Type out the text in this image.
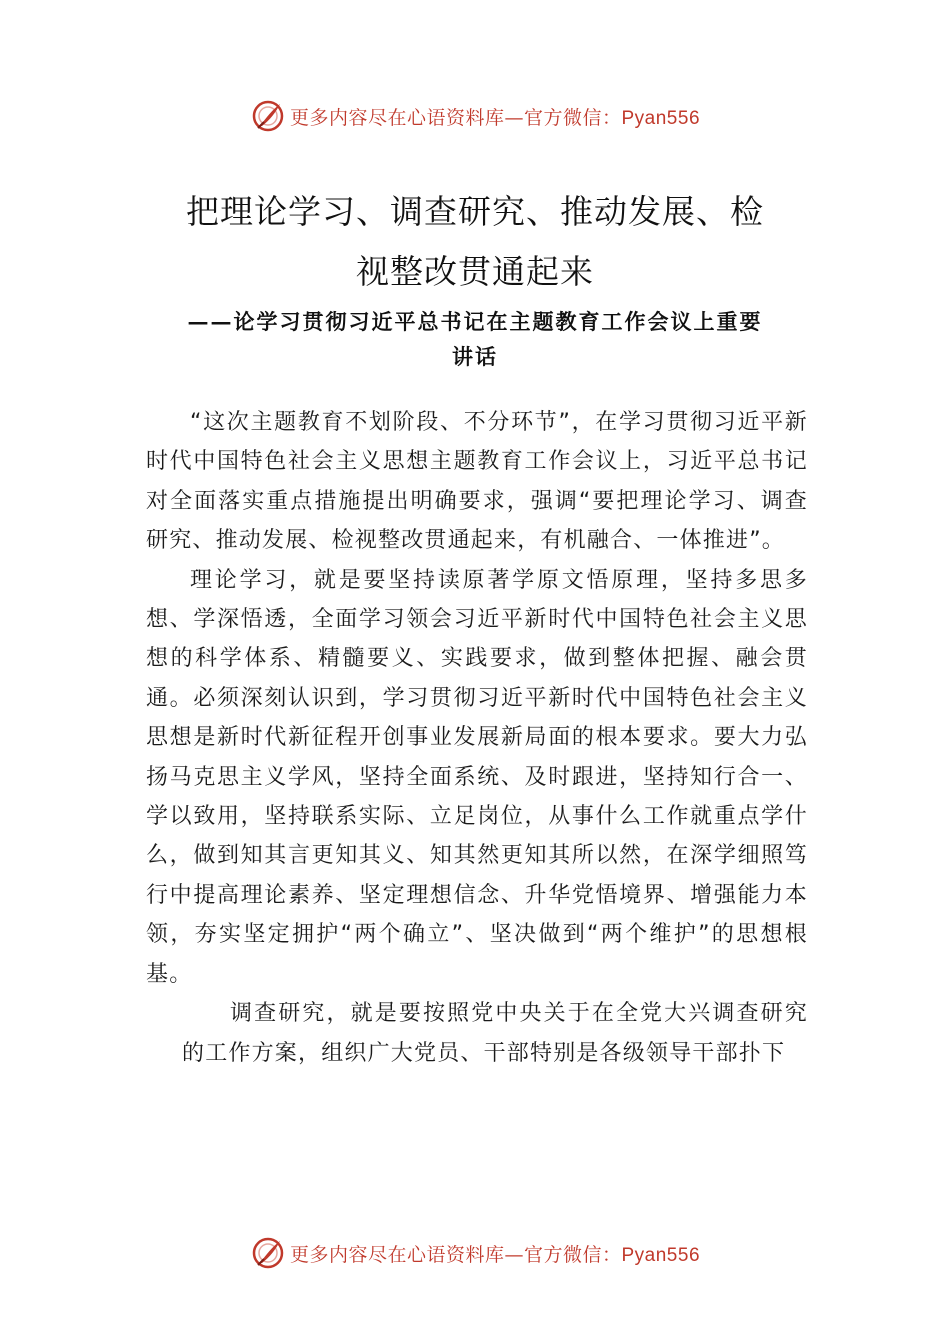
更多内容尽在心语资料库—官方微信：Pyan556
把理论学习、调查研究、推动发展、检
视整改贯通起来
——论学习贯彻习近平总书记在主题教育工作会议上重要
讲话

“这次主题教育不划阶段、不分环节”，在学习贯彻习近平新时代中国特色社会主义思想主题教育工作会议上，习近平总书记对全面落实重点措施提出明确要求，强调“要把理论学习、调查研究、推动发展、检视整改贯通起来，有机融合、一体推进”。

理论学习，就是要坚持读原著学原文悟原理，坚持多思多想、学深悟透，全面学习领会习近平新时代中国特色社会主义思想的科学体系、精髓要义、实践要求，做到整体把握、融会贯通。必须深刻认识到，学习贯彻习近平新时代中国特色社会主义思想是新时代新征程开创事业发展新局面的根本要求。要大力弘扬马克思主义学风，坚持全面系统、及时跟进，坚持知行合一、学以致用，坚持联系实际、立足岗位，从事什么工作就重点学什么，做到知其言更知其义、知其然更知其所以然，在深学细照笃行中提高理论素养、坚定理想信念、升华党悟境界、增强能力本领，夯实坚定拥护“两个确立”、坚决做到“两个维护”的思想根基。

调查研究，就是要按照党中央关于在全党大兴调查研究的工作方案，组织广大党员、干部特别是各级领导干部扑下

更多内容尽在心语资料库—官方微信：Pyan556
